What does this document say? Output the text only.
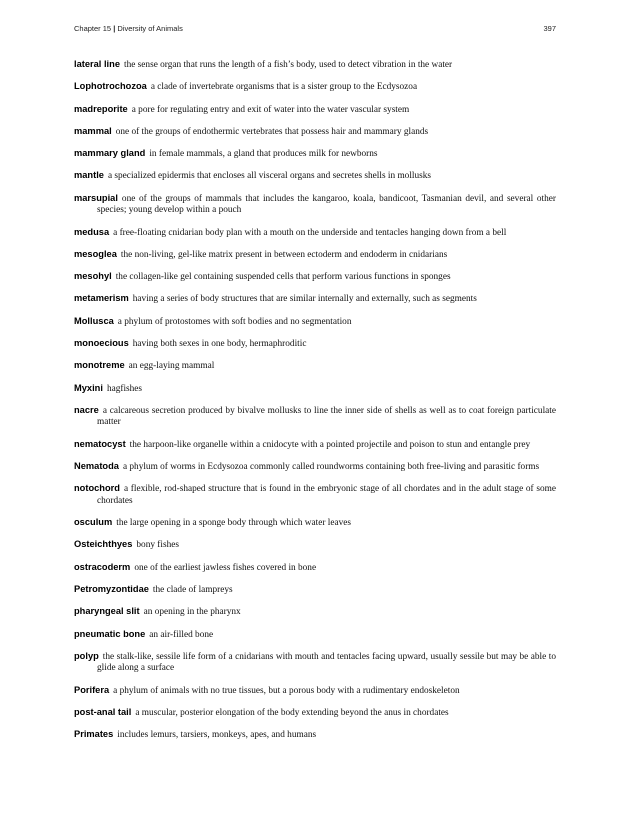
Chapter 15 | Diversity of Animals	397

lateral line the sense organ that runs the length of a fish’s body, used to detect vibration in the water

Lophotrochozoa a clade of invertebrate organisms that is a sister group to the Ecdysozoa

madreporite a pore for regulating entry and exit of water into the water vascular system

mammal one of the groups of endothermic vertebrates that possess hair and mammary glands

mammary gland in female mammals, a gland that produces milk for newborns

mantle a specialized epidermis that encloses all visceral organs and secretes shells in mollusks

marsupial one of the groups of mammals that includes the kangaroo, koala, bandicoot, Tasmanian devil, and several other species; young develop within a pouch

medusa a free-floating cnidarian body plan with a mouth on the underside and tentacles hanging down from a bell

mesoglea the non-living, gel-like matrix present in between ectoderm and endoderm in cnidarians

mesohyl the collagen-like gel containing suspended cells that perform various functions in sponges

metamerism having a series of body structures that are similar internally and externally, such as segments

Mollusca a phylum of protostomes with soft bodies and no segmentation

monoecious having both sexes in one body, hermaphroditic

monotreme an egg-laying mammal

Myxini hagfishes

nacre a calcareous secretion produced by bivalve mollusks to line the inner side of shells as well as to coat foreign particulate matter

nematocyst the harpoon-like organelle within a cnidocyte with a pointed projectile and poison to stun and entangle prey

Nematoda a phylum of worms in Ecdysozoa commonly called roundworms containing both free-living and parasitic forms

notochord a flexible, rod-shaped structure that is found in the embryonic stage of all chordates and in the adult stage of some chordates

osculum the large opening in a sponge body through which water leaves

Osteichthyes bony fishes

ostracoderm one of the earliest jawless fishes covered in bone

Petromyzontidae the clade of lampreys

pharyngeal slit an opening in the pharynx

pneumatic bone an air-filled bone

polyp the stalk-like, sessile life form of a cnidarians with mouth and tentacles facing upward, usually sessile but may be able to glide along a surface

Porifera a phylum of animals with no true tissues, but a porous body with a rudimentary endoskeleton

post-anal tail a muscular, posterior elongation of the body extending beyond the anus in chordates

Primates includes lemurs, tarsiers, monkeys, apes, and humans
